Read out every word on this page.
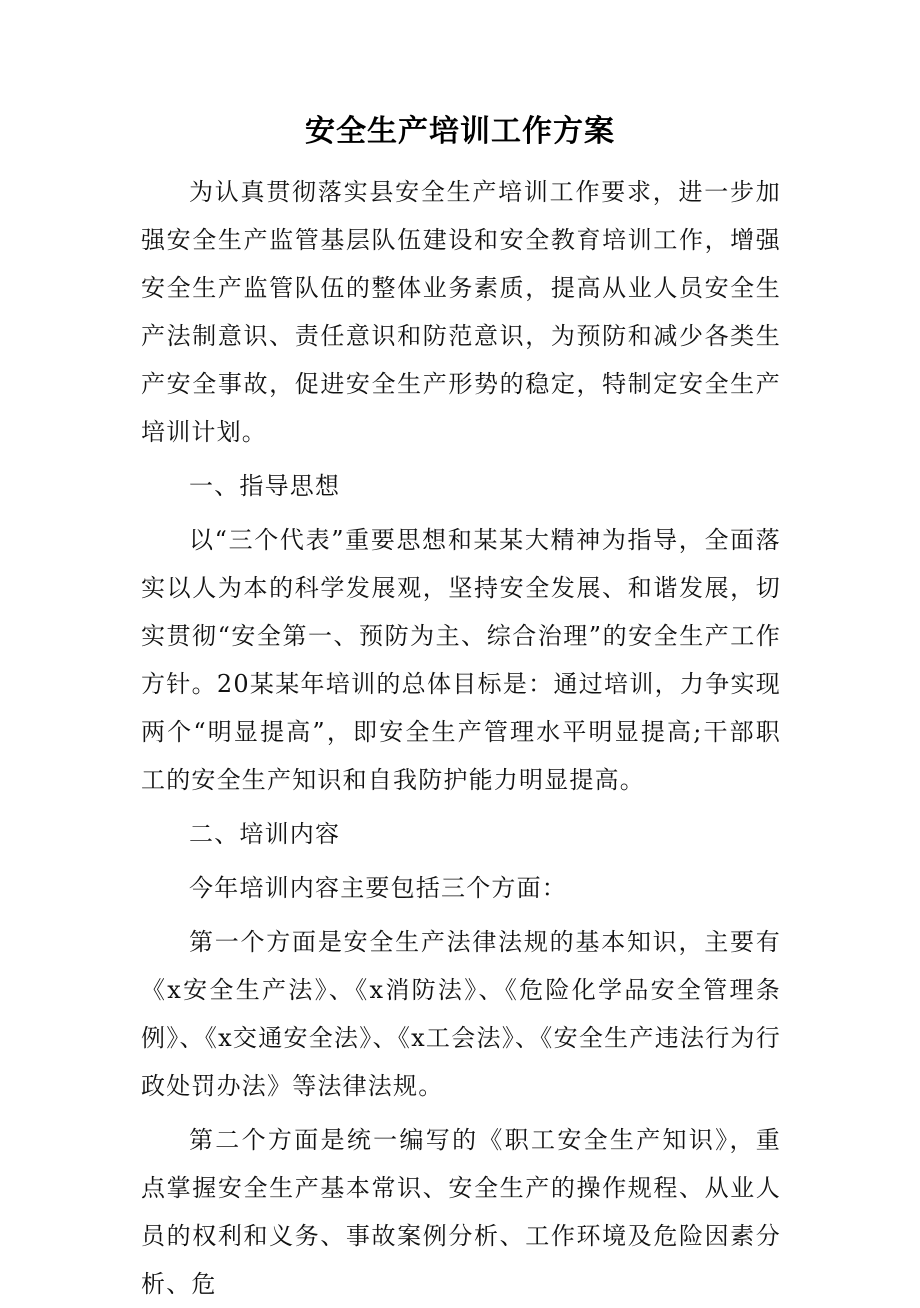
安全生产培训工作方案

为认真贯彻落实县安全生产培训工作要求，进一步加强安全生产监管基层队伍建设和安全教育培训工作，增强安全生产监管队伍的整体业务素质，提高从业人员安全生产法制意识、责任意识和防范意识，为预防和减少各类生产安全事故，促进安全生产形势的稳定，特制定安全生产培训计划。

一、指导思想

以“三个代表”重要思想和某某大精神为指导，全面落实以人为本的科学发展观，坚持安全发展、和谐发展，切实贯彻“安全第一、预防为主、综合治理”的安全生产工作方针。20某某年培训的总体目标是：通过培训，力争实现两个“明显提高”，即安全生产管理水平明显提高;干部职工的安全生产知识和自我防护能力明显提高。

二、培训内容

今年培训内容主要包括三个方面：

第一个方面是安全生产法律法规的基本知识，主要有《x安全生产法》、《x消防法》、《危险化学品安全管理条例》、《x交通安全法》、《x工会法》、《安全生产违法行为行政处罚办法》等法律法规。

第二个方面是统一编写的《职工安全生产知识》，重点掌握安全生产基本常识、安全生产的操作规程、从业人员的权利和义务、事故案例分析、工作环境及危险因素分析、危
